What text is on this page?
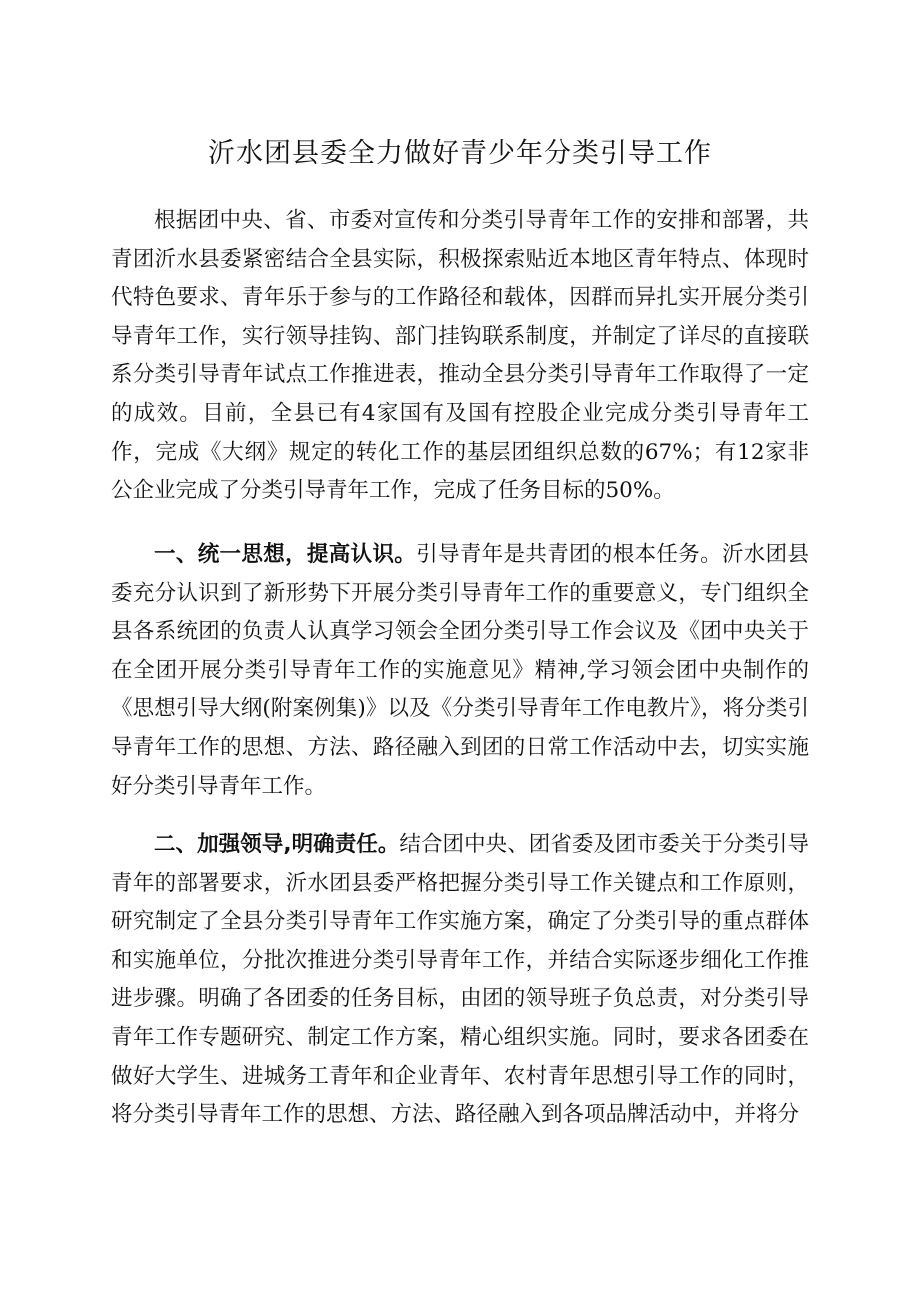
沂水团县委全力做好青少年分类引导工作

根据团中央、省、市委对宣传和分类引导青年工作的安排和部署，共青团沂水县委紧密结合全县实际，积极探索贴近本地区青年特点、体现时代特色要求、青年乐于参与的工作路径和载体，因群而异扎实开展分类引导青年工作，实行领导挂钩、部门挂钩联系制度，并制定了详尽的直接联系分类引导青年试点工作推进表，推动全县分类引导青年工作取得了一定的成效。目前，全县已有4家国有及国有控股企业完成分类引导青年工作，完成《大纲》规定的转化工作的基层团组织总数的67%；有12家非公企业完成了分类引导青年工作，完成了任务目标的50%。

一、统一思想，提高认识。引导青年是共青团的根本任务。沂水团县委充分认识到了新形势下开展分类引导青年工作的重要意义，专门组织全县各系统团的负责人认真学习领会全团分类引导工作会议及《团中央关于在全团开展分类引导青年工作的实施意见》精神,学习领会团中央制作的《思想引导大纲(附案例集)》以及《分类引导青年工作电教片》，将分类引导青年工作的思想、方法、路径融入到团的日常工作活动中去，切实实施好分类引导青年工作。

二、加强领导,明确责任。结合团中央、团省委及团市委关于分类引导青年的部署要求，沂水团县委严格把握分类引导工作关键点和工作原则，研究制定了全县分类引导青年工作实施方案，确定了分类引导的重点群体和实施单位，分批次推进分类引导青年工作，并结合实际逐步细化工作推进步骤。明确了各团委的任务目标，由团的领导班子负总责，对分类引导青年工作专题研究、制定工作方案，精心组织实施。同时，要求各团委在做好大学生、进城务工青年和企业青年、农村青年思想引导工作的同时，将分类引导青年工作的思想、方法、路径融入到各项品牌活动中，并将分
